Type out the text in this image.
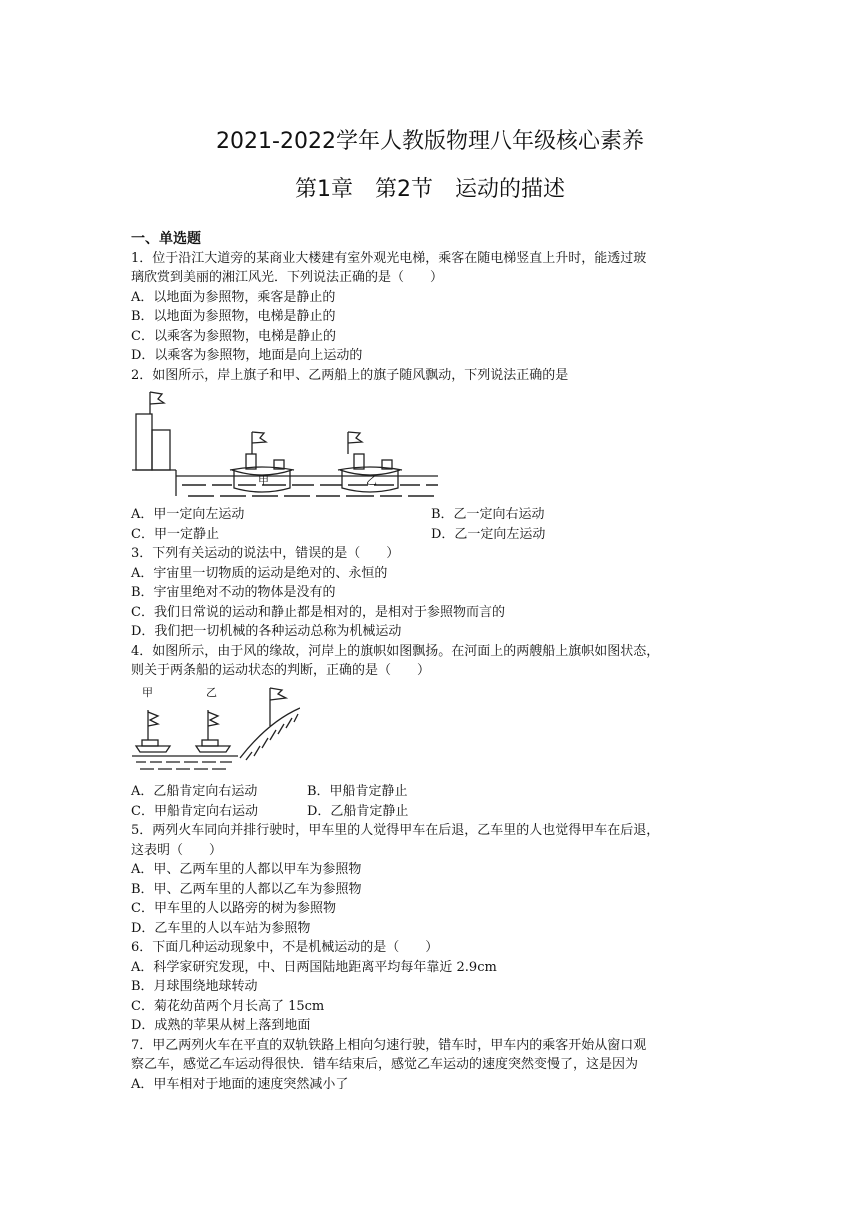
2021-2022学年人教版物理八年级核心素养
第1章　第2节　运动的描述
一、单选题
1．位于沿江大道旁的某商业大楼建有室外观光电梯，乘客在随电梯竖直上升时，能透过玻
璃欣赏到美丽的湘江风光．下列说法正确的是（　　）
A．以地面为参照物，乘客是静止的
B．以地面为参照物，电梯是静止的
C．以乘客为参照物，电梯是静止的
D．以乘客为参照物，地面是向上运动的
2．如图所示，岸上旗子和甲、乙两船上的旗子随风飘动，下列说法正确的是
甲	乙
A．甲一定向左运动	B．乙一定向右运动
C．甲一定静止	D．乙一定向左运动
3．下列有关运动的说法中，错误的是（　　）
A．宇宙里一切物质的运动是绝对的、永恒的
B．宇宙里绝对不动的物体是没有的
C．我们日常说的运动和静止都是相对的，是相对于参照物而言的
D．我们把一切机械的各种运动总称为机械运动
4．如图所示，由于风的缘故，河岸上的旗帜如图飘扬。在河面上的两艘船上旗帜如图状态，
则关于两条船的运动状态的判断，正确的是（　　）
甲	乙
A．乙船肯定向右运动	B．甲船肯定静止
C．甲船肯定向右运动	D．乙船肯定静止
5．两列火车同向并排行驶时，甲车里的人觉得甲车在后退，乙车里的人也觉得甲车在后退，
这表明（　　）
A．甲、乙两车里的人都以甲车为参照物
B．甲、乙两车里的人都以乙车为参照物
C．甲车里的人以路旁的树为参照物
D．乙车里的人以车站为参照物
6．下面几种运动现象中，不是机械运动的是（　　）
A．科学家研究发现，中、日两国陆地距离平均每年靠近 2.9cm
B．月球围绕地球转动
C．菊花幼苗两个月长高了 15cm
D．成熟的苹果从树上落到地面
7．甲乙两列火车在平直的双轨铁路上相向匀速行驶，错车时，甲车内的乘客开始从窗口观
察乙车，感觉乙车运动得很快．错车结束后，感觉乙车运动的速度突然变慢了，这是因为
A．甲车相对于地面的速度突然减小了
